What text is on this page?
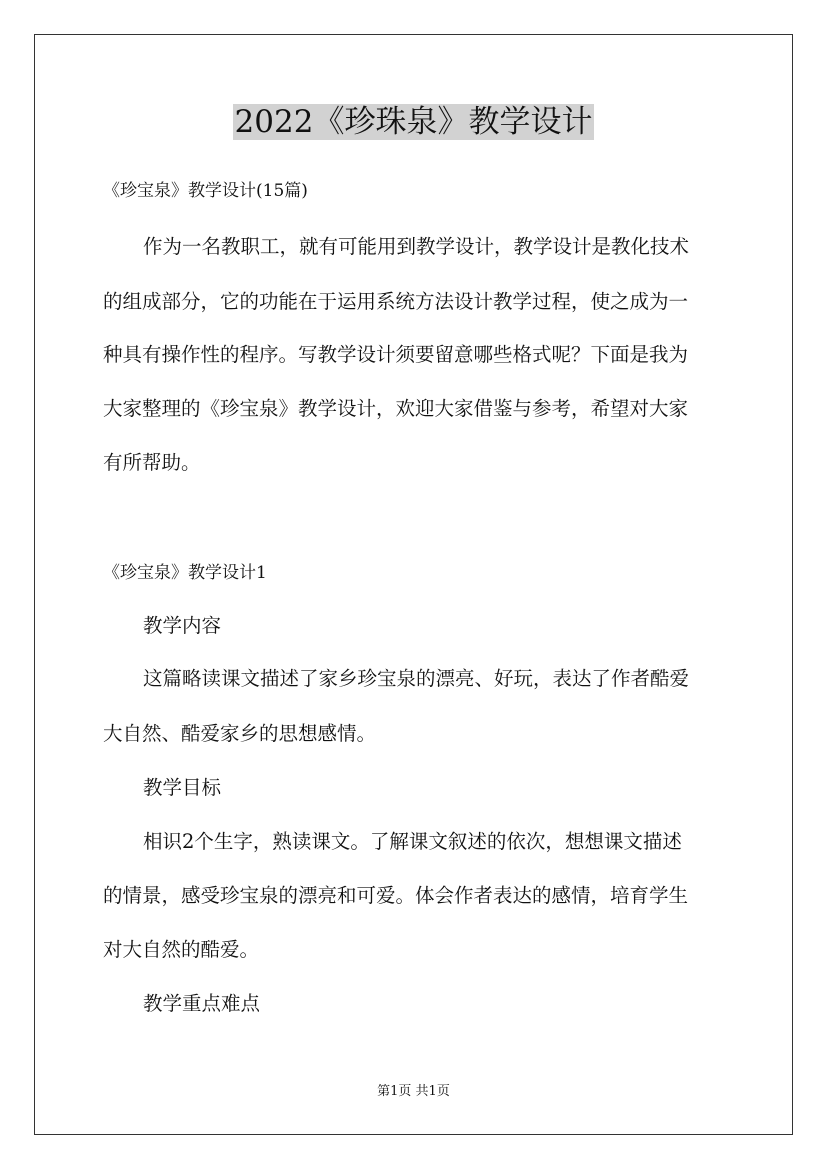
2022《珍珠泉》教学设计
《珍宝泉》教学设计(15篇)
作为一名教职工，就有可能用到教学设计，教学设计是教化技术
的组成部分，它的功能在于运用系统方法设计教学过程，使之成为一
种具有操作性的程序。写教学设计须要留意哪些格式呢？下面是我为
大家整理的《珍宝泉》教学设计，欢迎大家借鉴与参考，希望对大家
有所帮助。
《珍宝泉》教学设计1
教学内容
这篇略读课文描述了家乡珍宝泉的漂亮、好玩，表达了作者酷爱
大自然、酷爱家乡的思想感情。
教学目标
相识2个生字，熟读课文。了解课文叙述的依次，想想课文描述
的情景，感受珍宝泉的漂亮和可爱。体会作者表达的感情，培育学生
对大自然的酷爱。
教学重点难点
第1页 共1页
